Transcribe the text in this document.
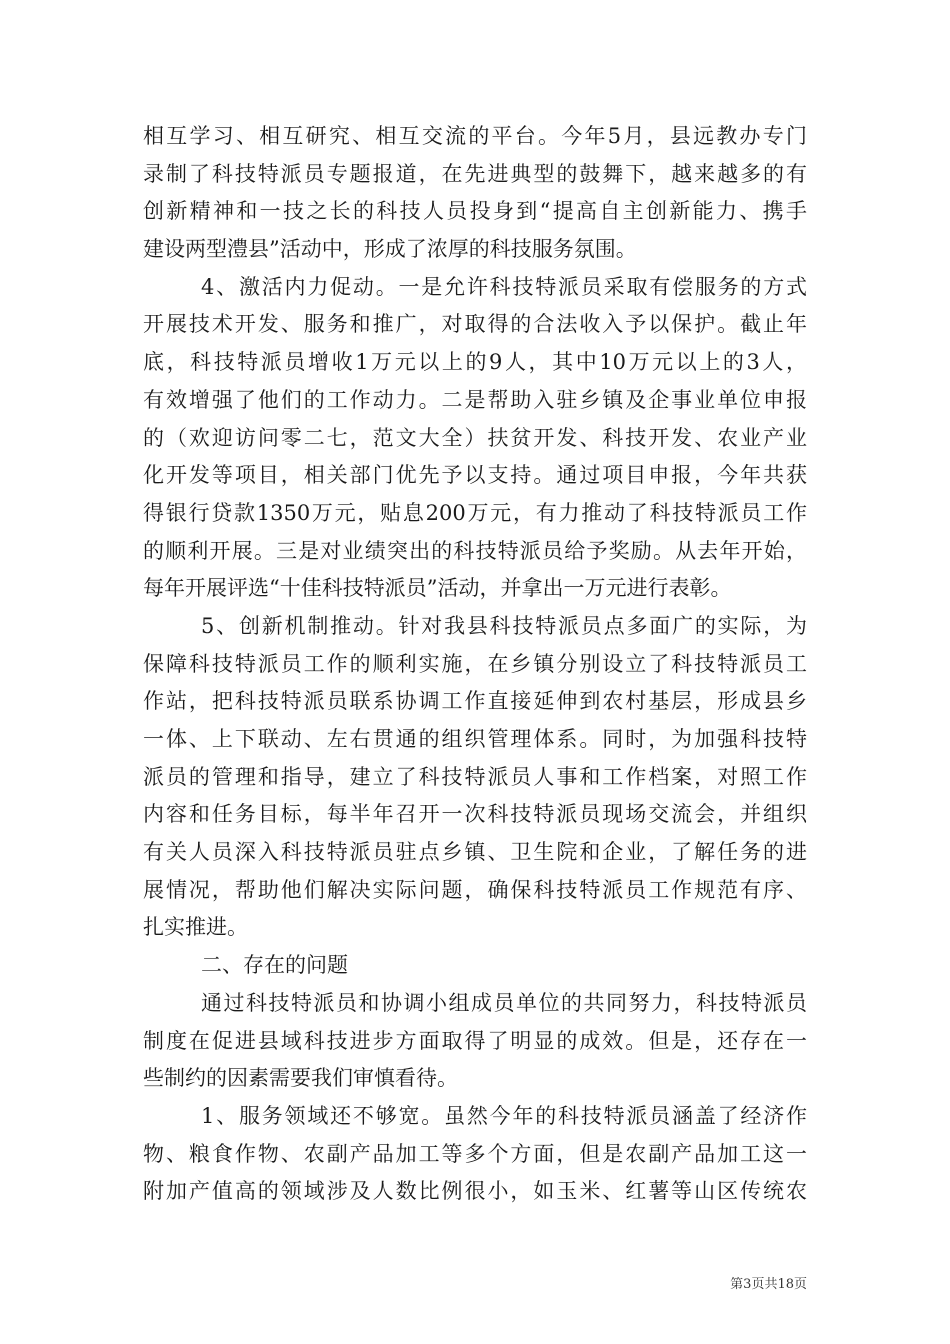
相互学习、相互研究、相互交流的平台。今年5月，县远教办专门
录制了科技特派员专题报道，在先进典型的鼓舞下，越来越多的有
创新精神和一技之长的科技人员投身到“提高自主创新能力、携手
建设两型澧县”活动中，形成了浓厚的科技服务氛围。
4、激活内力促动。一是允许科技特派员采取有偿服务的方式
开展技术开发、服务和推广，对取得的合法收入予以保护。截止年
底，科技特派员增收1万元以上的9人，其中10万元以上的3人，
有效增强了他们的工作动力。二是帮助入驻乡镇及企事业单位申报
的（欢迎访问零二七，范文大全）扶贫开发、科技开发、农业产业
化开发等项目，相关部门优先予以支持。通过项目申报，今年共获
得银行贷款1350万元，贴息200万元，有力推动了科技特派员工作
的顺利开展。三是对业绩突出的科技特派员给予奖励。从去年开始，
每年开展评选“十佳科技特派员”活动，并拿出一万元进行表彰。
5、创新机制推动。针对我县科技特派员点多面广的实际，为
保障科技特派员工作的顺利实施，在乡镇分别设立了科技特派员工
作站，把科技特派员联系协调工作直接延伸到农村基层，形成县乡
一体、上下联动、左右贯通的组织管理体系。同时，为加强科技特
派员的管理和指导，建立了科技特派员人事和工作档案，对照工作
内容和任务目标，每半年召开一次科技特派员现场交流会，并组织
有关人员深入科技特派员驻点乡镇、卫生院和企业，了解任务的进
展情况，帮助他们解决实际问题，确保科技特派员工作规范有序、
扎实推进。
二、存在的问题
通过科技特派员和协调小组成员单位的共同努力，科技特派员
制度在促进县域科技进步方面取得了明显的成效。但是，还存在一
些制约的因素需要我们审慎看待。
1、服务领域还不够宽。虽然今年的科技特派员涵盖了经济作
物、粮食作物、农副产品加工等多个方面，但是农副产品加工这一
附加产值高的领域涉及人数比例很小，如玉米、红薯等山区传统农
第3页共18页
